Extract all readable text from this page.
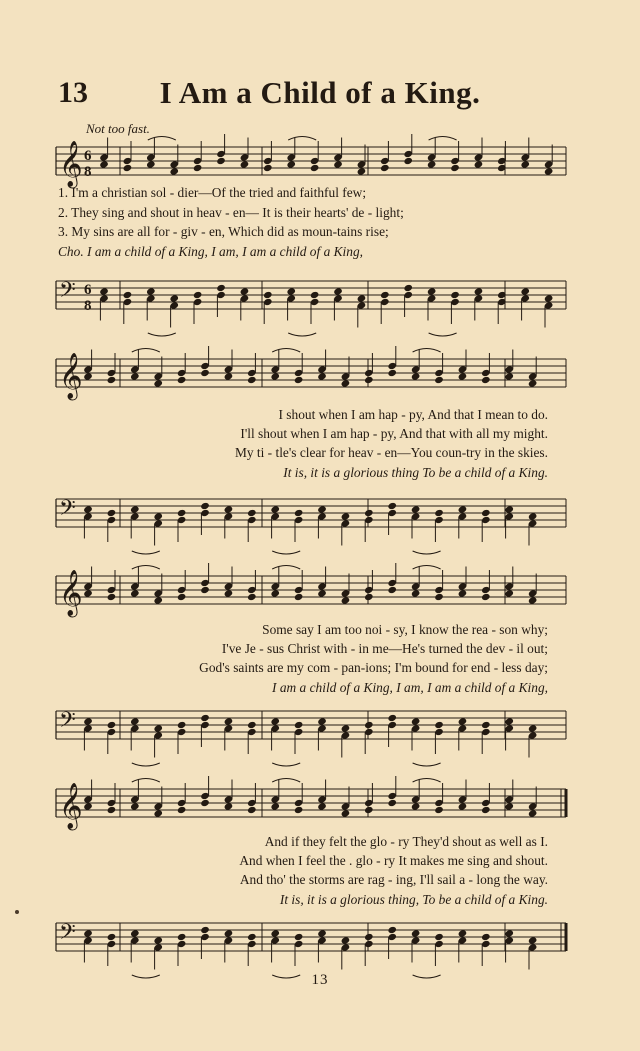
13	I Am a Child of a King.
Not too fast.
𝄞 6
8
1. I'm a christian sol - dier—Of the tried and faithful few;
2. They sing and shout in heav - en— It is their hearts' de - light;
3. My sins are all for - giv - en, Which did as moun-tains rise;
Cho. I am a child of a King, I am, I am a child of a King,
𝄢 6
8
𝄞
I shout when I am hap - py, And that I mean to do.
I'll shout when I am hap - py, And that with all my might.
My ti - tle's clear for heav - en—You coun-try in the skies.
It is, it is a glorious thing To be a child of a King.
𝄢
𝄞
Some say I am too noi - sy, I know the rea - son why;
I've Je - sus Christ with - in me—He's turned the dev - il out;
God's saints are my com - pan-ions; I'm bound for end - less day;
I am a child of a King, I am, I am a child of a King,
𝄢
𝄞
And if they felt the glo - ry They'd shout as well as I.
And when I feel the . glo - ry It makes me sing and shout.
And tho' the storms are rag - ing, I'll sail a - long the way.
It is, it is a glorious thing, To be a child of a King.
𝄢
13
